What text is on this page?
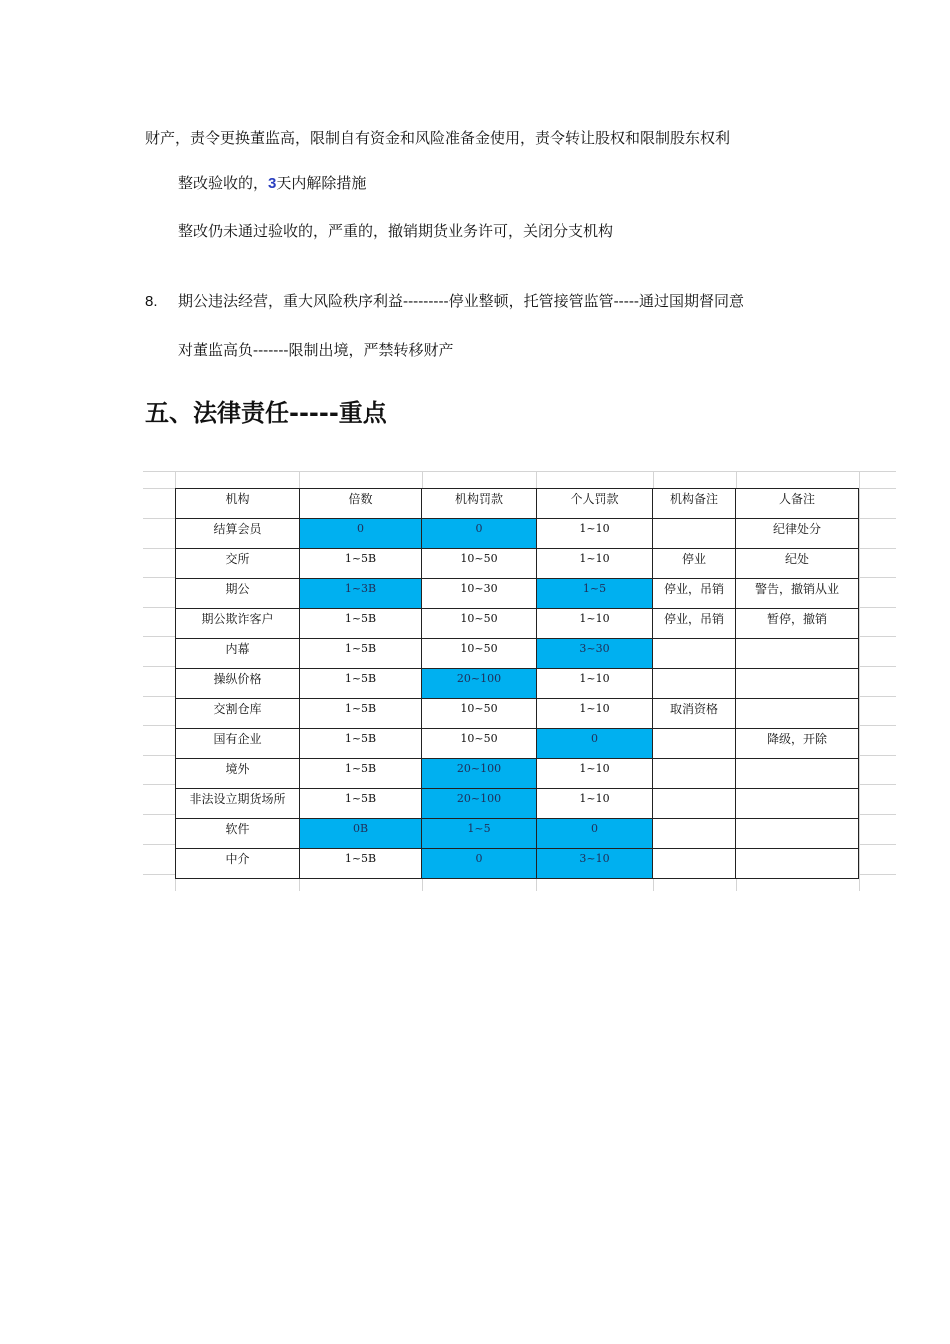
财产，责令更换董监高，限制自有资金和风险准备金使用，责令转让股权和限制股东权利
整改验收的，3天内解除措施
整改仍未通过验收的，严重的，撤销期货业务许可，关闭分支机构
8. 期公违法经营，重大风险秩序利益---------停业整顿，托管接管监管-----通过国期督同意
对董监高负-------限制出境，严禁转移财产
五、法律责任-----重点
机构	倍数	机构罚款	个人罚款	机构备注	人备注
结算会员	0	0	1~10		纪律处分
交所	1~5B	10~50	1~10	停业	纪处
期公	1~3B	10~30	1~5	停业，吊销	警告，撤销从业
期公欺诈客户	1~5B	10~50	1~10	停业，吊销	暂停，撤销
内幕	1~5B	10~50	3~30		
操纵价格	1~5B	20~100	1~10		
交割仓库	1~5B	10~50	1~10	取消资格	
国有企业	1~5B	10~50	0		降级，开除
境外	1~5B	20~100	1~10		
非法设立期货场所	1~5B	20~100	1~10		
软件	0B	1~5	0		
中介	1~5B	0	3~10		
